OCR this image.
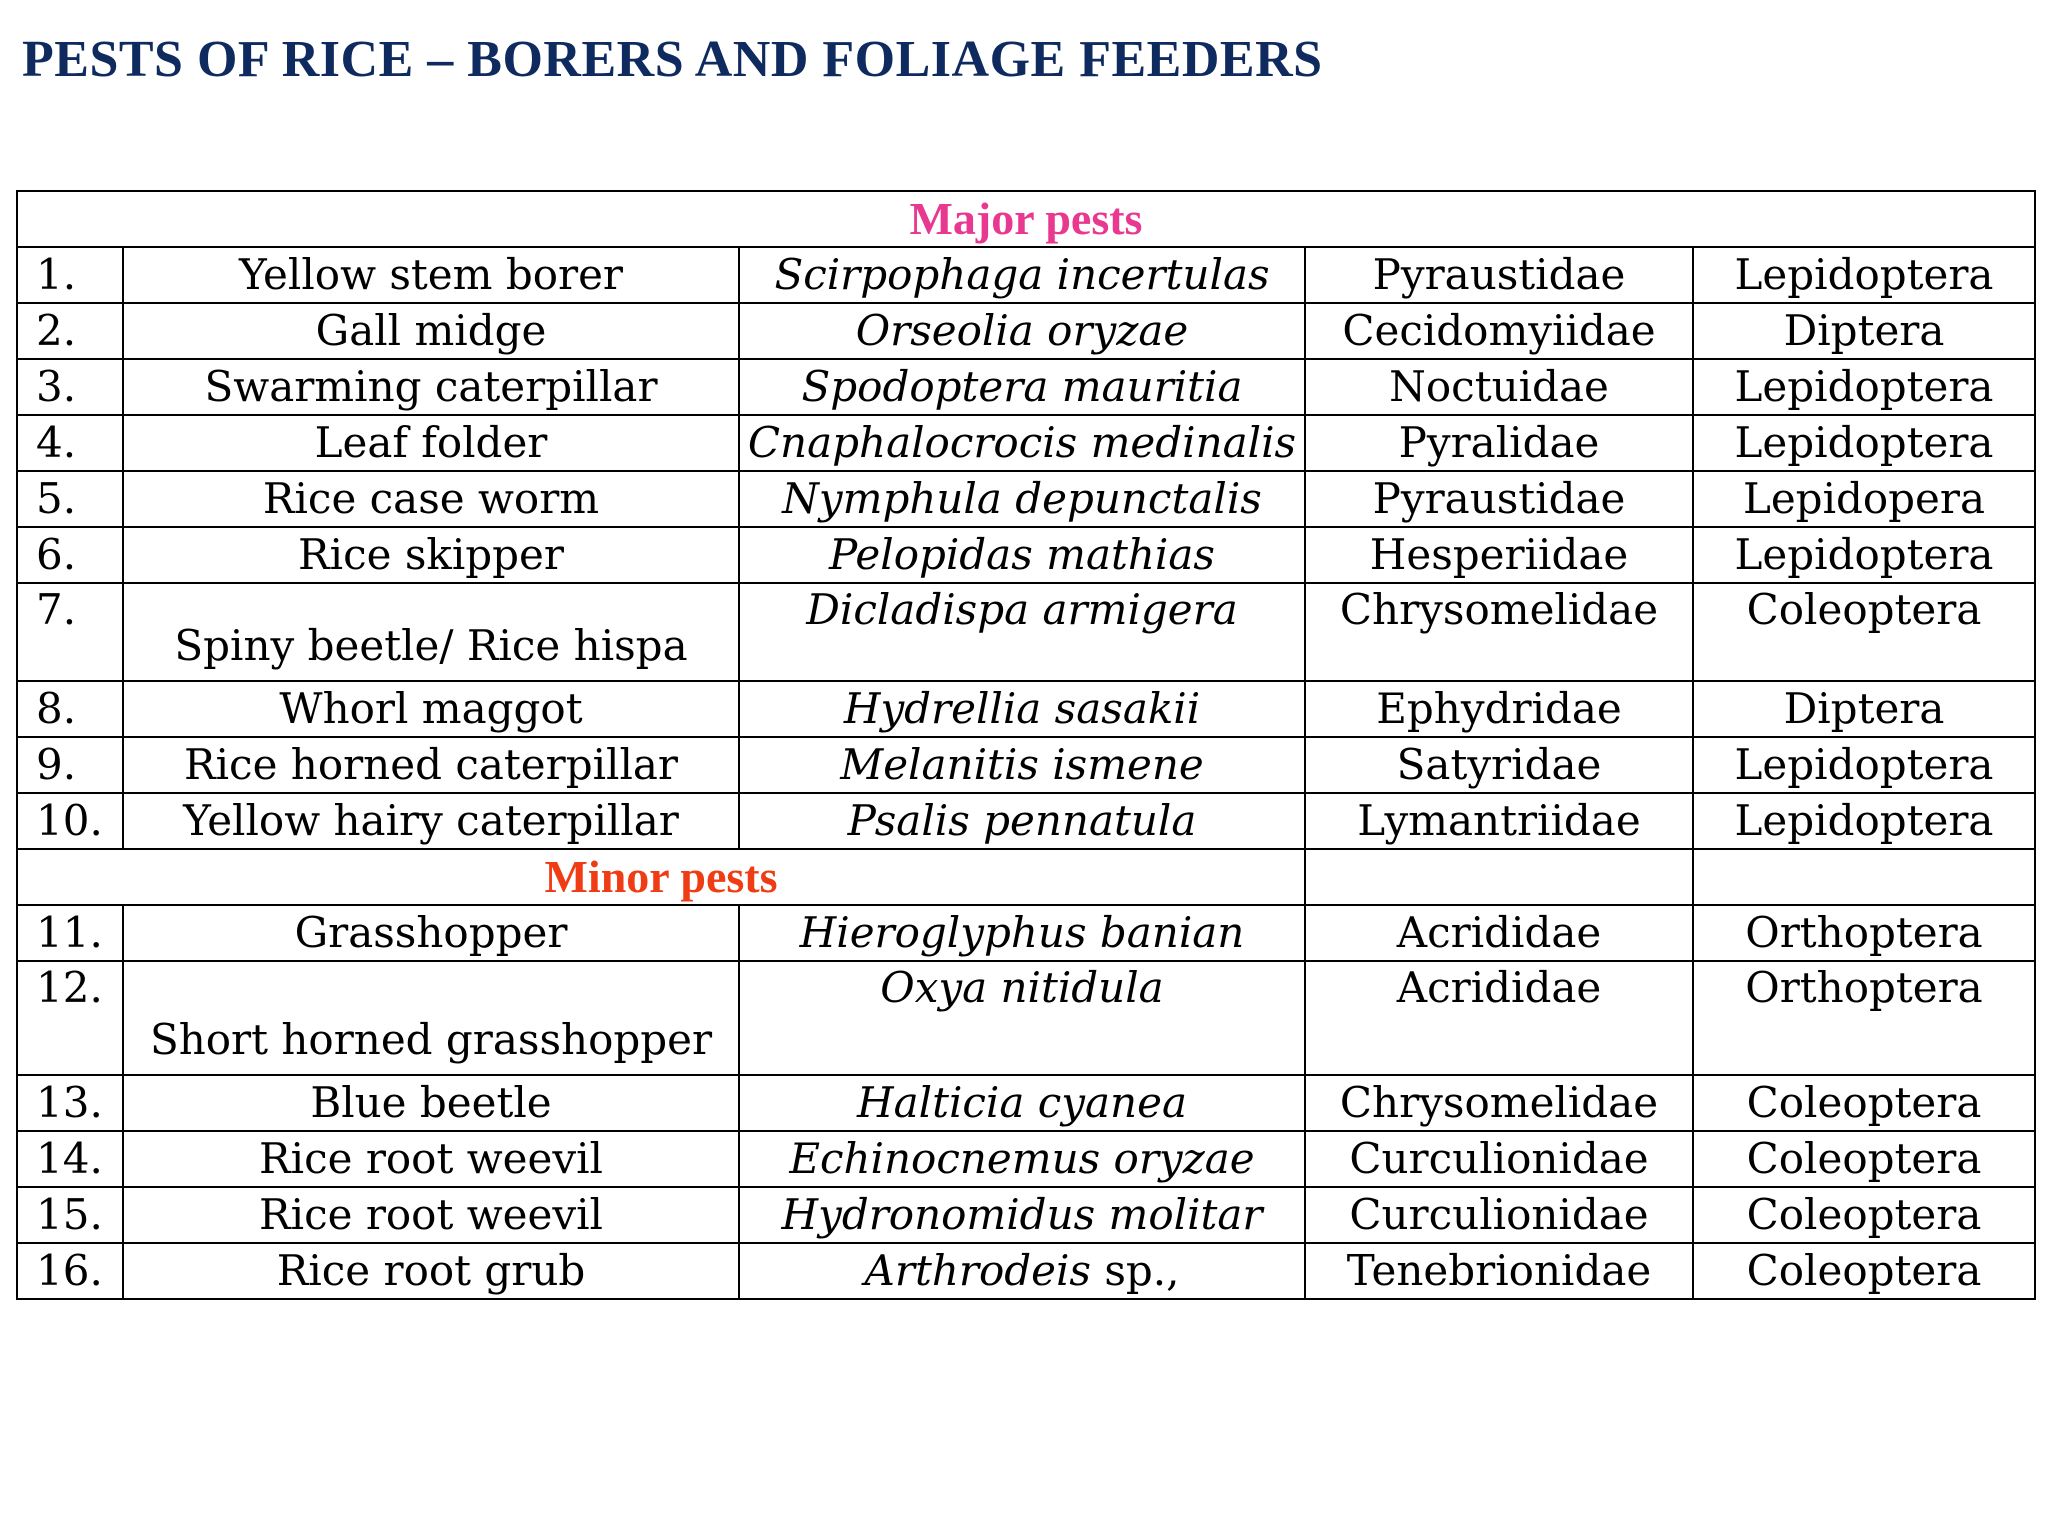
PESTS OF RICE – BORERS AND FOLIAGE FEEDERS
Major pests				
1.	Yellow stem borer	Scirpophaga incertulas	Pyraustidae	Lepidoptera
2.	Gall midge	Orseolia oryzae	Cecidomyiidae	Diptera
3.	Swarming caterpillar	Spodoptera mauritia	Noctuidae	Lepidoptera
4.	Leaf folder	Cnaphalocrocis medinalis	Pyralidae	Lepidoptera
5.	Rice case worm	Nymphula depunctalis	Pyraustidae	Lepidopera
6.	Rice skipper	Pelopidas mathias	Hesperiidae	Lepidoptera
7.	Spiny beetle/ Rice hispa	Dicladispa armigera	Chrysomelidae	Coleoptera
8.	Whorl maggot	Hydrellia sasakii	Ephydridae	Diptera
9.	Rice horned caterpillar	Melanitis ismene	Satyridae	Lepidoptera
10.	Yellow hairy caterpillar	Psalis pennatula	Lymantriidae	Lepidoptera
Minor pests				
11.	Grasshopper	Hieroglyphus banian	Acrididae	Orthoptera
12.	Short horned grasshopper	Oxya nitidula	Acrididae	Orthoptera
13.	Blue beetle	Halticia cyanea	Chrysomelidae	Coleoptera
14.	Rice root weevil	Echinocnemus oryzae	Curculionidae	Coleoptera
15.	Rice root weevil	Hydronomidus molitar	Curculionidae	Coleoptera
16.	Rice root grub	Arthrodeis sp.,	Tenebrionidae	Coleoptera
